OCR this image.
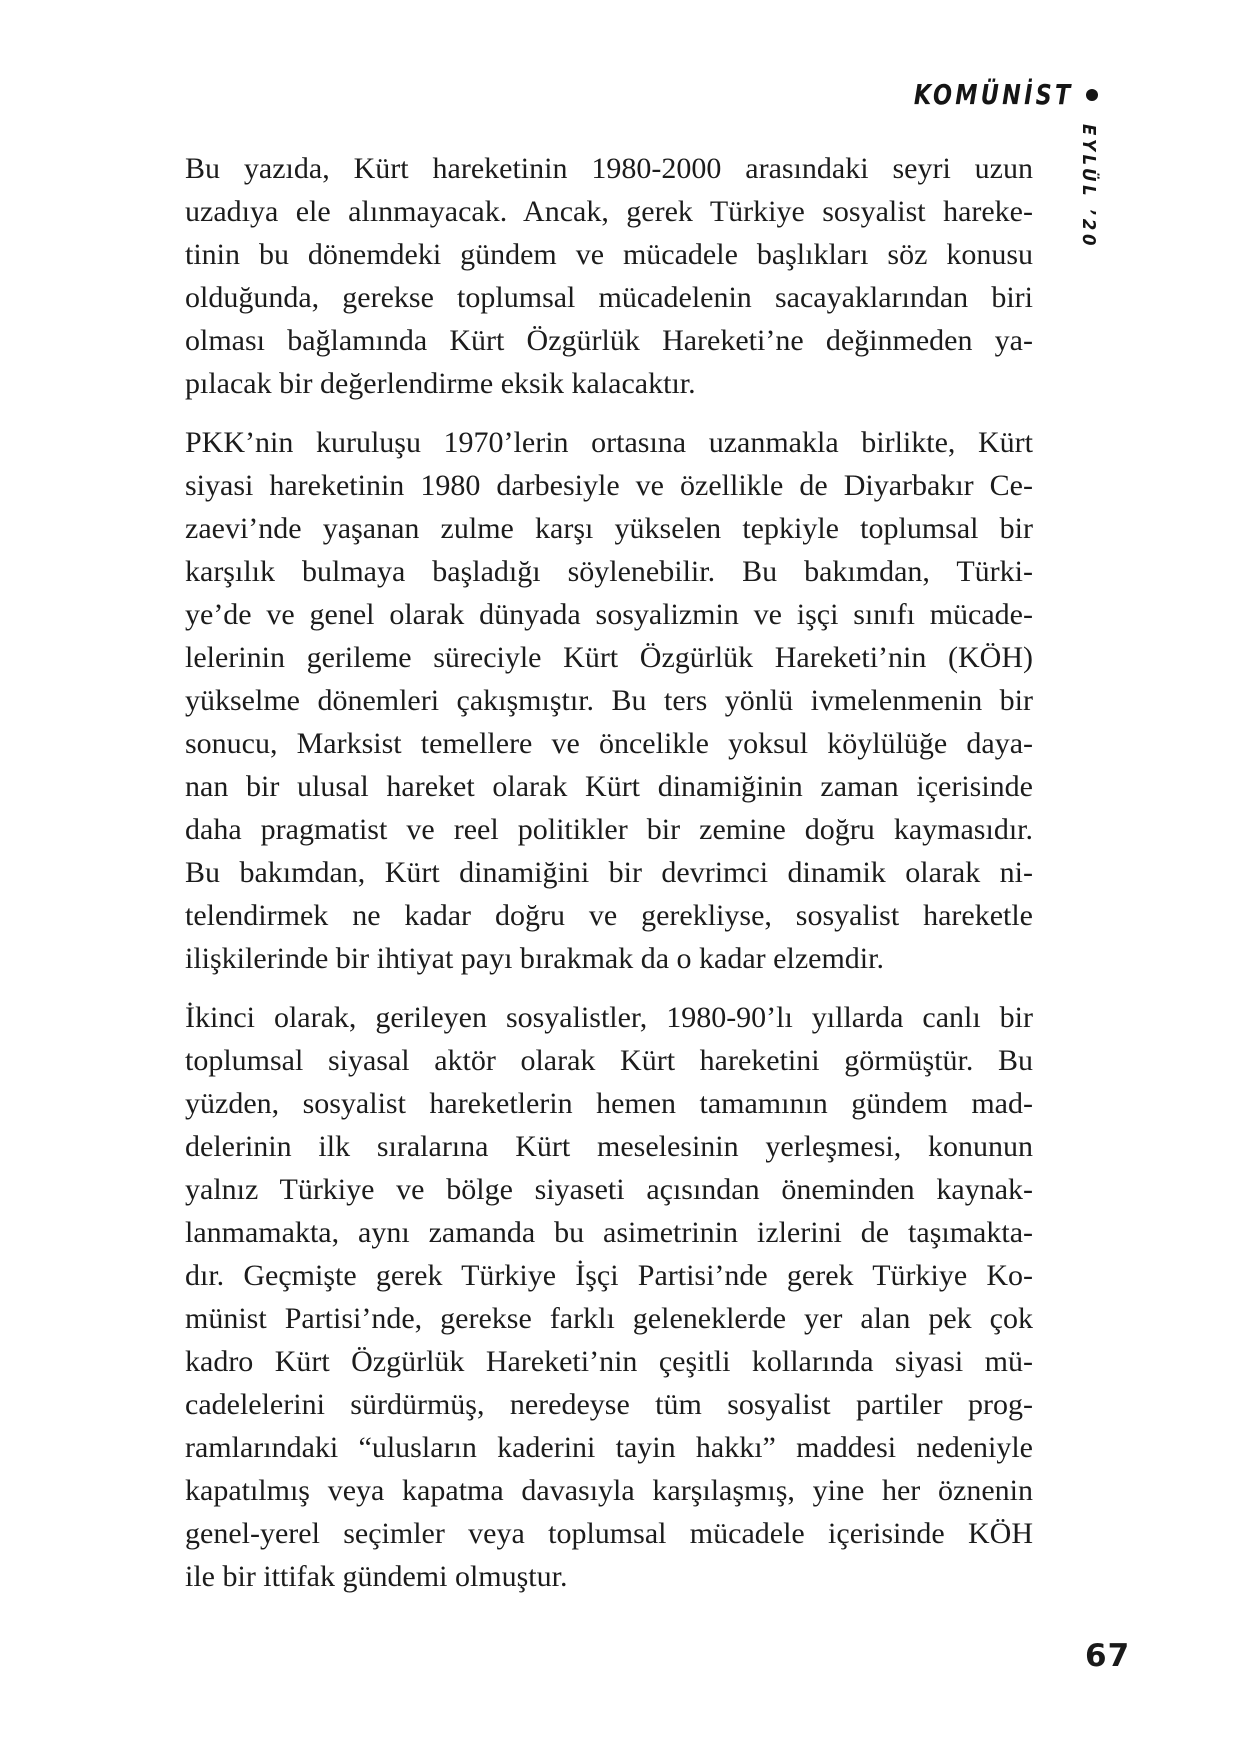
KOMÜNİST
EYLÜL ’20
Bu yazıda, Kürt hareketinin 1980-2000 arasındaki seyri uzun
uzadıya ele alınmayacak. Ancak, gerek Türkiye sosyalist hareke-
tinin bu dönemdeki gündem ve mücadele başlıkları söz konusu
olduğunda, gerekse toplumsal mücadelenin sacayaklarından biri
olması bağlamında Kürt Özgürlük Hareketi’ne değinmeden ya-
pılacak bir değerlendirme eksik kalacaktır.
PKK’nin kuruluşu 1970’lerin ortasına uzanmakla birlikte, Kürt
siyasi hareketinin 1980 darbesiyle ve özellikle de Diyarbakır Ce-
zaevi’nde yaşanan zulme karşı yükselen tepkiyle toplumsal bir
karşılık bulmaya başladığı söylenebilir. Bu bakımdan, Türki-
ye’de ve genel olarak dünyada sosyalizmin ve işçi sınıfı mücade-
lelerinin gerileme süreciyle Kürt Özgürlük Hareketi’nin (KÖH)
yükselme dönemleri çakışmıştır. Bu ters yönlü ivmelenmenin bir
sonucu, Marksist temellere ve öncelikle yoksul köylülüğe daya-
nan bir ulusal hareket olarak Kürt dinamiğinin zaman içerisinde
daha pragmatist ve reel politikler bir zemine doğru kaymasıdır.
Bu bakımdan, Kürt dinamiğini bir devrimci dinamik olarak ni-
telendirmek ne kadar doğru ve gerekliyse, sosyalist hareketle
ilişkilerinde bir ihtiyat payı bırakmak da o kadar elzemdir.
İkinci olarak, gerileyen sosyalistler, 1980-90’lı yıllarda canlı bir
toplumsal siyasal aktör olarak Kürt hareketini görmüştür. Bu
yüzden, sosyalist hareketlerin hemen tamamının gündem mad-
delerinin ilk sıralarına Kürt meselesinin yerleşmesi, konunun
yalnız Türkiye ve bölge siyaseti açısından öneminden kaynak-
lanmamakta, aynı zamanda bu asimetrinin izlerini de taşımakta-
dır. Geçmişte gerek Türkiye İşçi Partisi’nde gerek Türkiye Ko-
münist Partisi’nde, gerekse farklı geleneklerde yer alan pek çok
kadro Kürt Özgürlük Hareketi’nin çeşitli kollarında siyasi mü-
cadelelerini sürdürmüş, neredeyse tüm sosyalist partiler prog-
ramlarındaki “ulusların kaderini tayin hakkı” maddesi nedeniyle
kapatılmış veya kapatma davasıyla karşılaşmış, yine her öznenin
genel-yerel seçimler veya toplumsal mücadele içerisinde KÖH
ile bir ittifak gündemi olmuştur.
67
